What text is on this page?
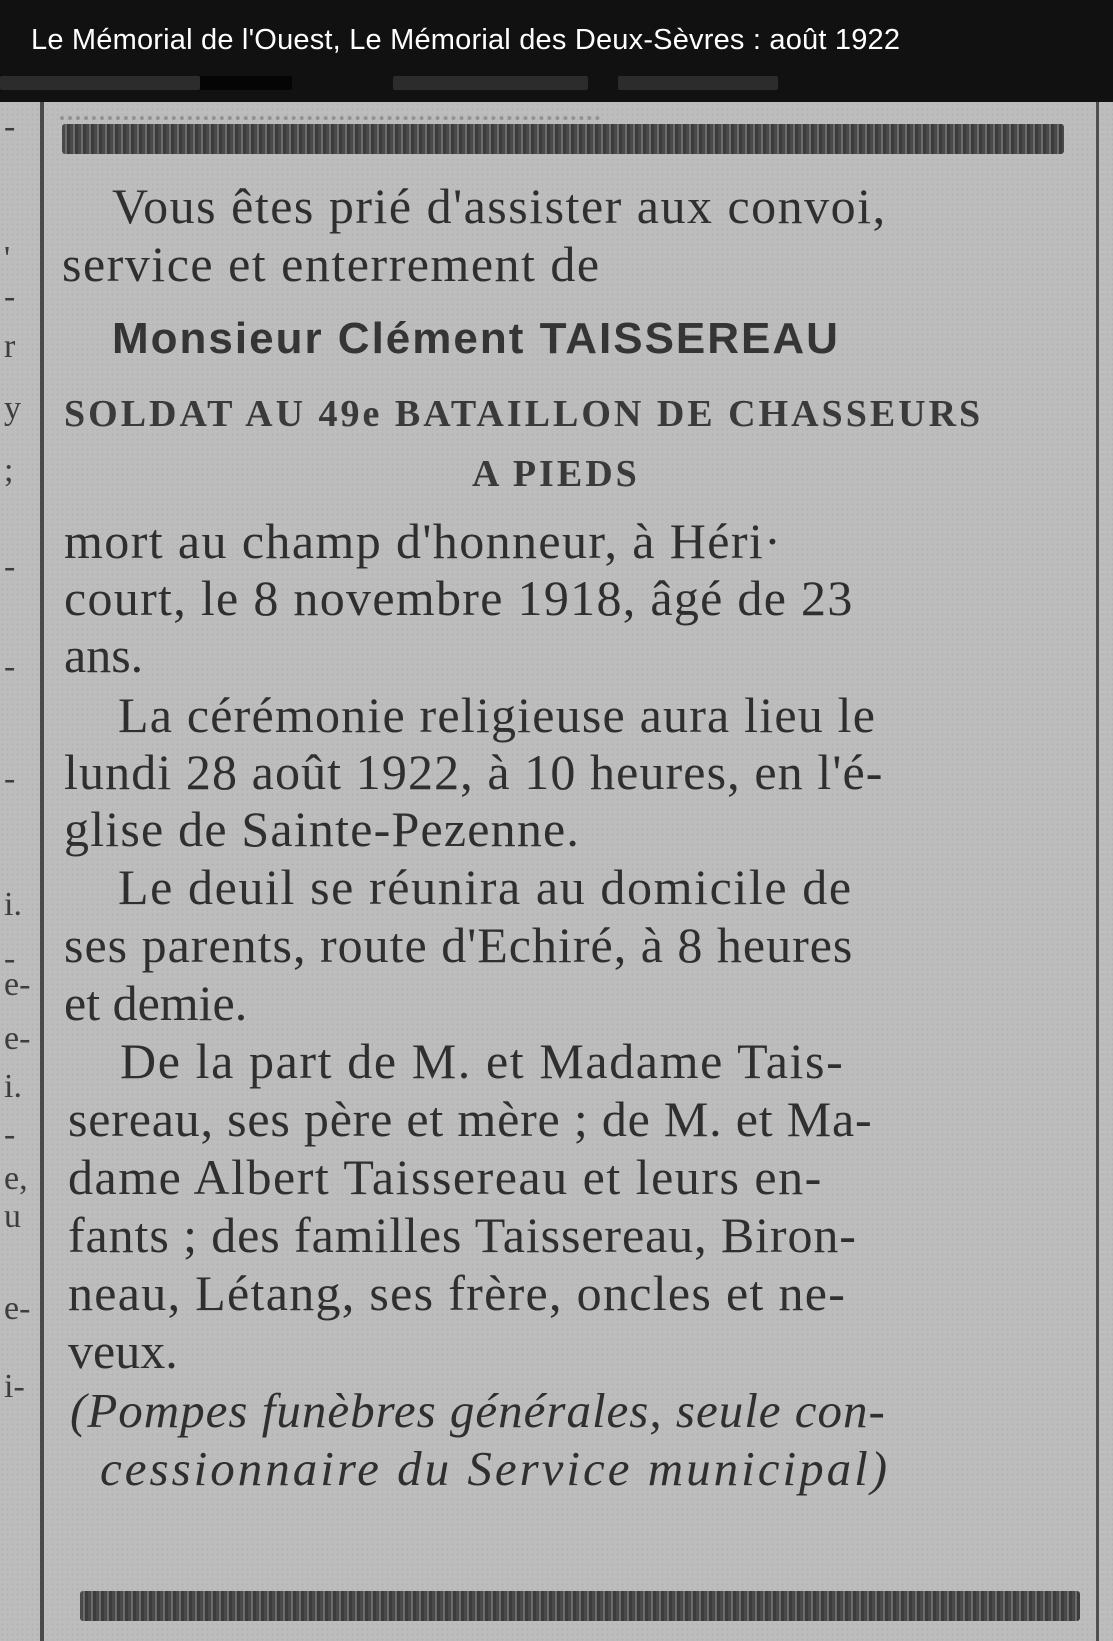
Le Mémorial de l'Ouest, Le Mémorial des Deux-Sèvres : août 1922
-
'
-
r
y
;
-
-
-
i.
-
e-
e-
i.
-
e,
u
e-
i-
Vous êtes prié d'assister aux convoi,
service et enterrement de
Monsieur Clément TAISSEREAU
SOLDAT AU 49e BATAILLON DE CHASSEURS
A PIEDS
mort au champ d'honneur, à Héri·
court, le 8 novembre 1918, âgé de 23
ans.
La cérémonie religieuse aura lieu le
lundi 28 août 1922, à 10 heures, en l'é-
glise de Sainte-Pezenne.
Le deuil se réunira au domicile de
ses parents, route d'Echiré, à 8 heures
et demie.
De la part de M. et Madame Tais-
sereau, ses père et mère ; de M. et Ma-
dame Albert Taissereau et leurs en-
fants ; des familles Taissereau, Biron-
neau, Létang, ses frère, oncles et ne-
veux.
(Pompes funèbres générales, seule con-
cessionnaire du Service municipal)
